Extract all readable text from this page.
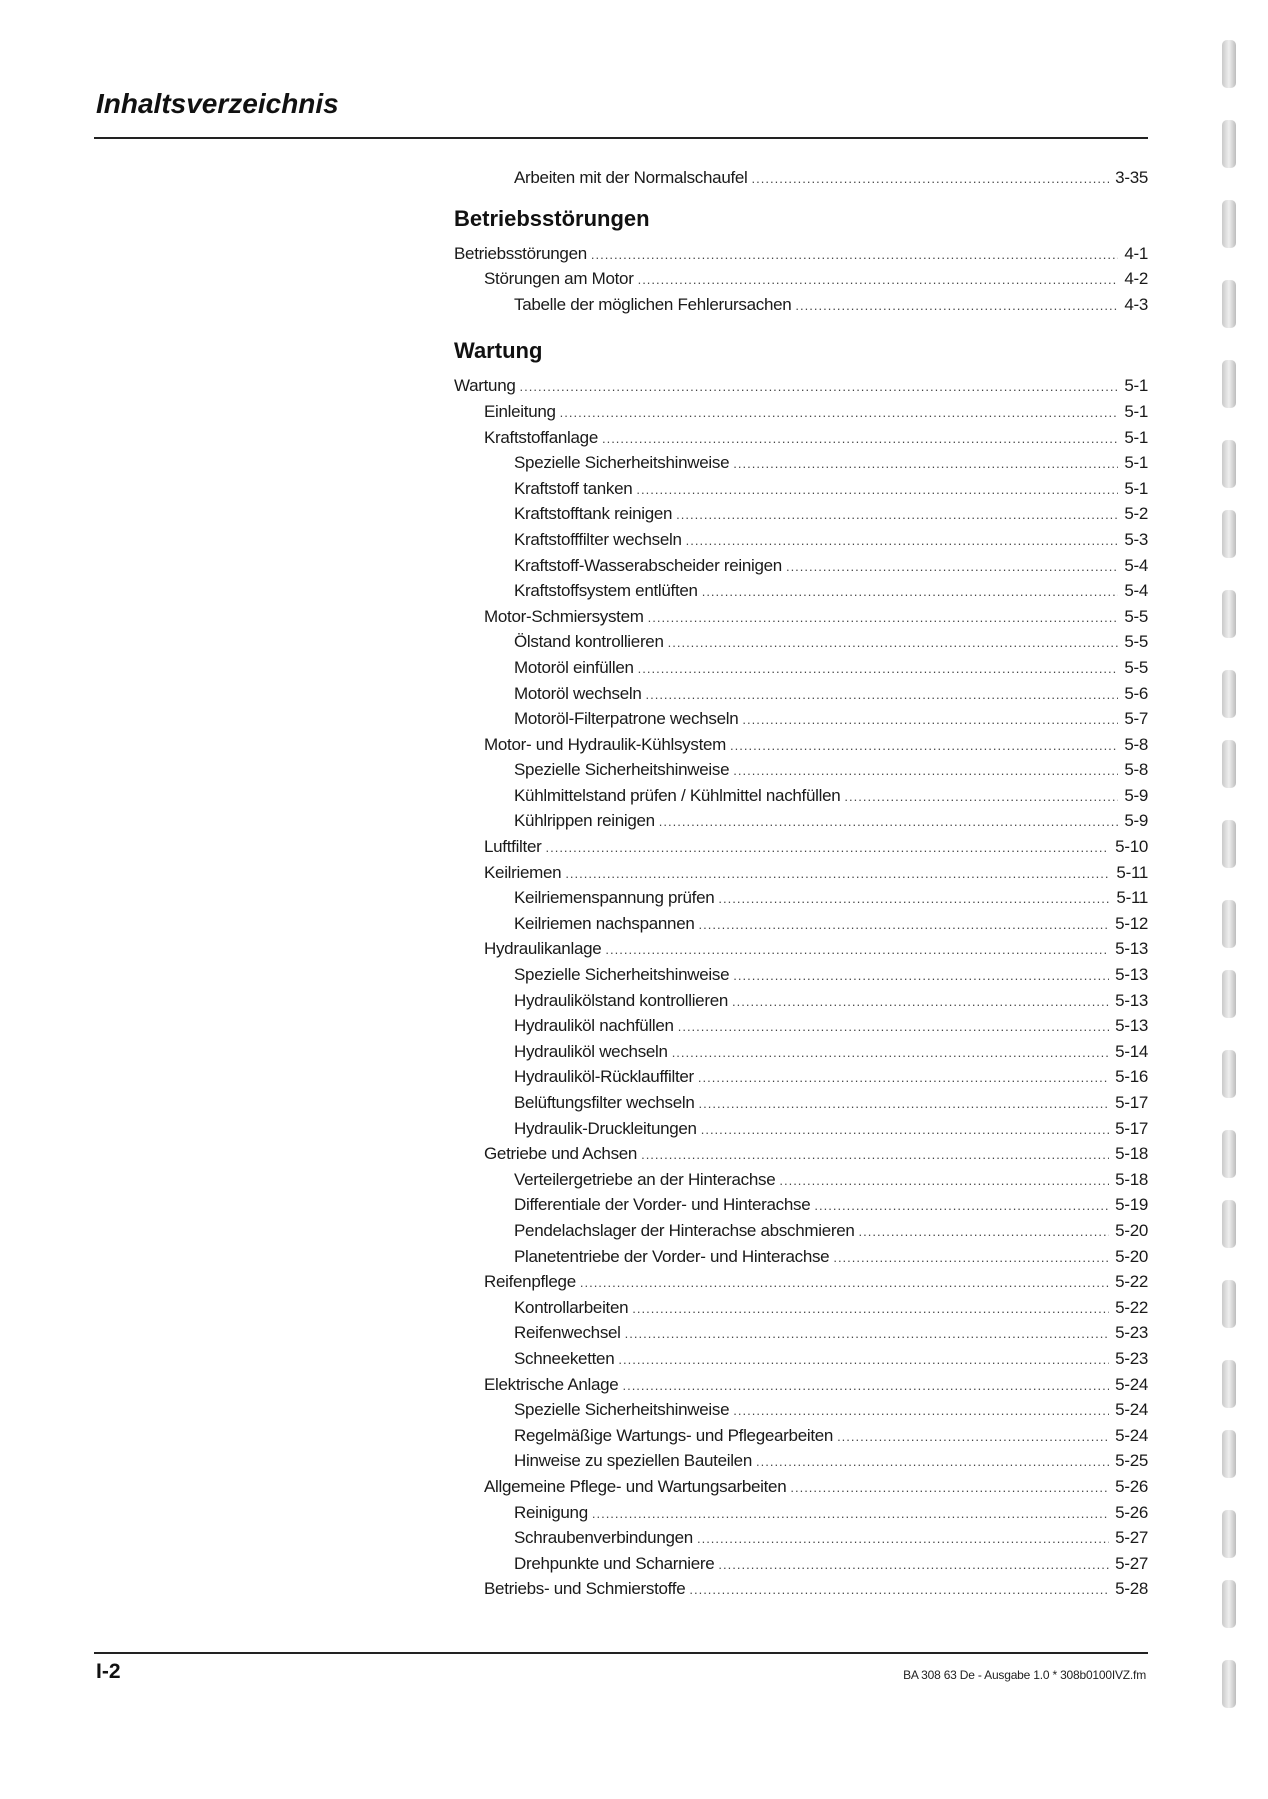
Inhaltsverzeichnis
Arbeiten mit der Normalschaufel .....	3-35
Betriebsstörungen
Betriebsstörungen .....	4-1
Störungen am Motor .....	4-2
Tabelle der möglichen Fehlerursachen .....	4-3
Wartung
Wartung .....	5-1
Einleitung .....	5-1
Kraftstoffanlage .....	5-1
Spezielle Sicherheitshinweise .....	5-1
Kraftstoff tanken .....	5-1
Kraftstofftank reinigen .....	5-2
Kraftstofffilter wechseln .....	5-3
Kraftstoff-Wasserabscheider reinigen .....	5-4
Kraftstoffsystem entlüften .....	5-4
Motor-Schmiersystem .....	5-5
Ölstand kontrollieren .....	5-5
Motoröl einfüllen .....	5-5
Motoröl wechseln .....	5-6
Motoröl-Filterpatrone wechseln .....	5-7
Motor- und Hydraulik-Kühlsystem .....	5-8
Spezielle Sicherheitshinweise .....	5-8
Kühlmittelstand prüfen / Kühlmittel nachfüllen .....	5-9
Kühlrippen reinigen .....	5-9
Luftfilter .....	5-10
Keilriemen .....	5-11
Keilriemenspannung prüfen .....	5-11
Keilriemen nachspannen .....	5-12
Hydraulikanlage .....	5-13
Spezielle Sicherheitshinweise .....	5-13
Hydraulikölstand kontrollieren .....	5-13
Hydrauliköl nachfüllen .....	5-13
Hydrauliköl wechseln .....	5-14
Hydrauliköl-Rücklauffilter .....	5-16
Belüftungsfilter wechseln .....	5-17
Hydraulik-Druckleitungen .....	5-17
Getriebe und Achsen .....	5-18
Verteilergetriebe an der Hinterachse .....	5-18
Differentiale der Vorder- und Hinterachse .....	5-19
Pendelachslager der Hinterachse abschmieren .....	5-20
Planetentriebe der Vorder- und Hinterachse .....	5-20
Reifenpflege .....	5-22
Kontrollarbeiten .....	5-22
Reifenwechsel .....	5-23
Schneeketten .....	5-23
Elektrische Anlage .....	5-24
Spezielle Sicherheitshinweise .....	5-24
Regelmäßige Wartungs- und Pflegearbeiten .....	5-24
Hinweise zu speziellen Bauteilen .....	5-25
Allgemeine Pflege- und Wartungsarbeiten .....	5-26
Reinigung .....	5-26
Schraubenverbindungen .....	5-27
Drehpunkte und Scharniere .....	5-27
Betriebs- und Schmierstoffe .....	5-28
I-2	BA 308 63 De - Ausgabe 1.0 * 308b0100IVZ.fm
